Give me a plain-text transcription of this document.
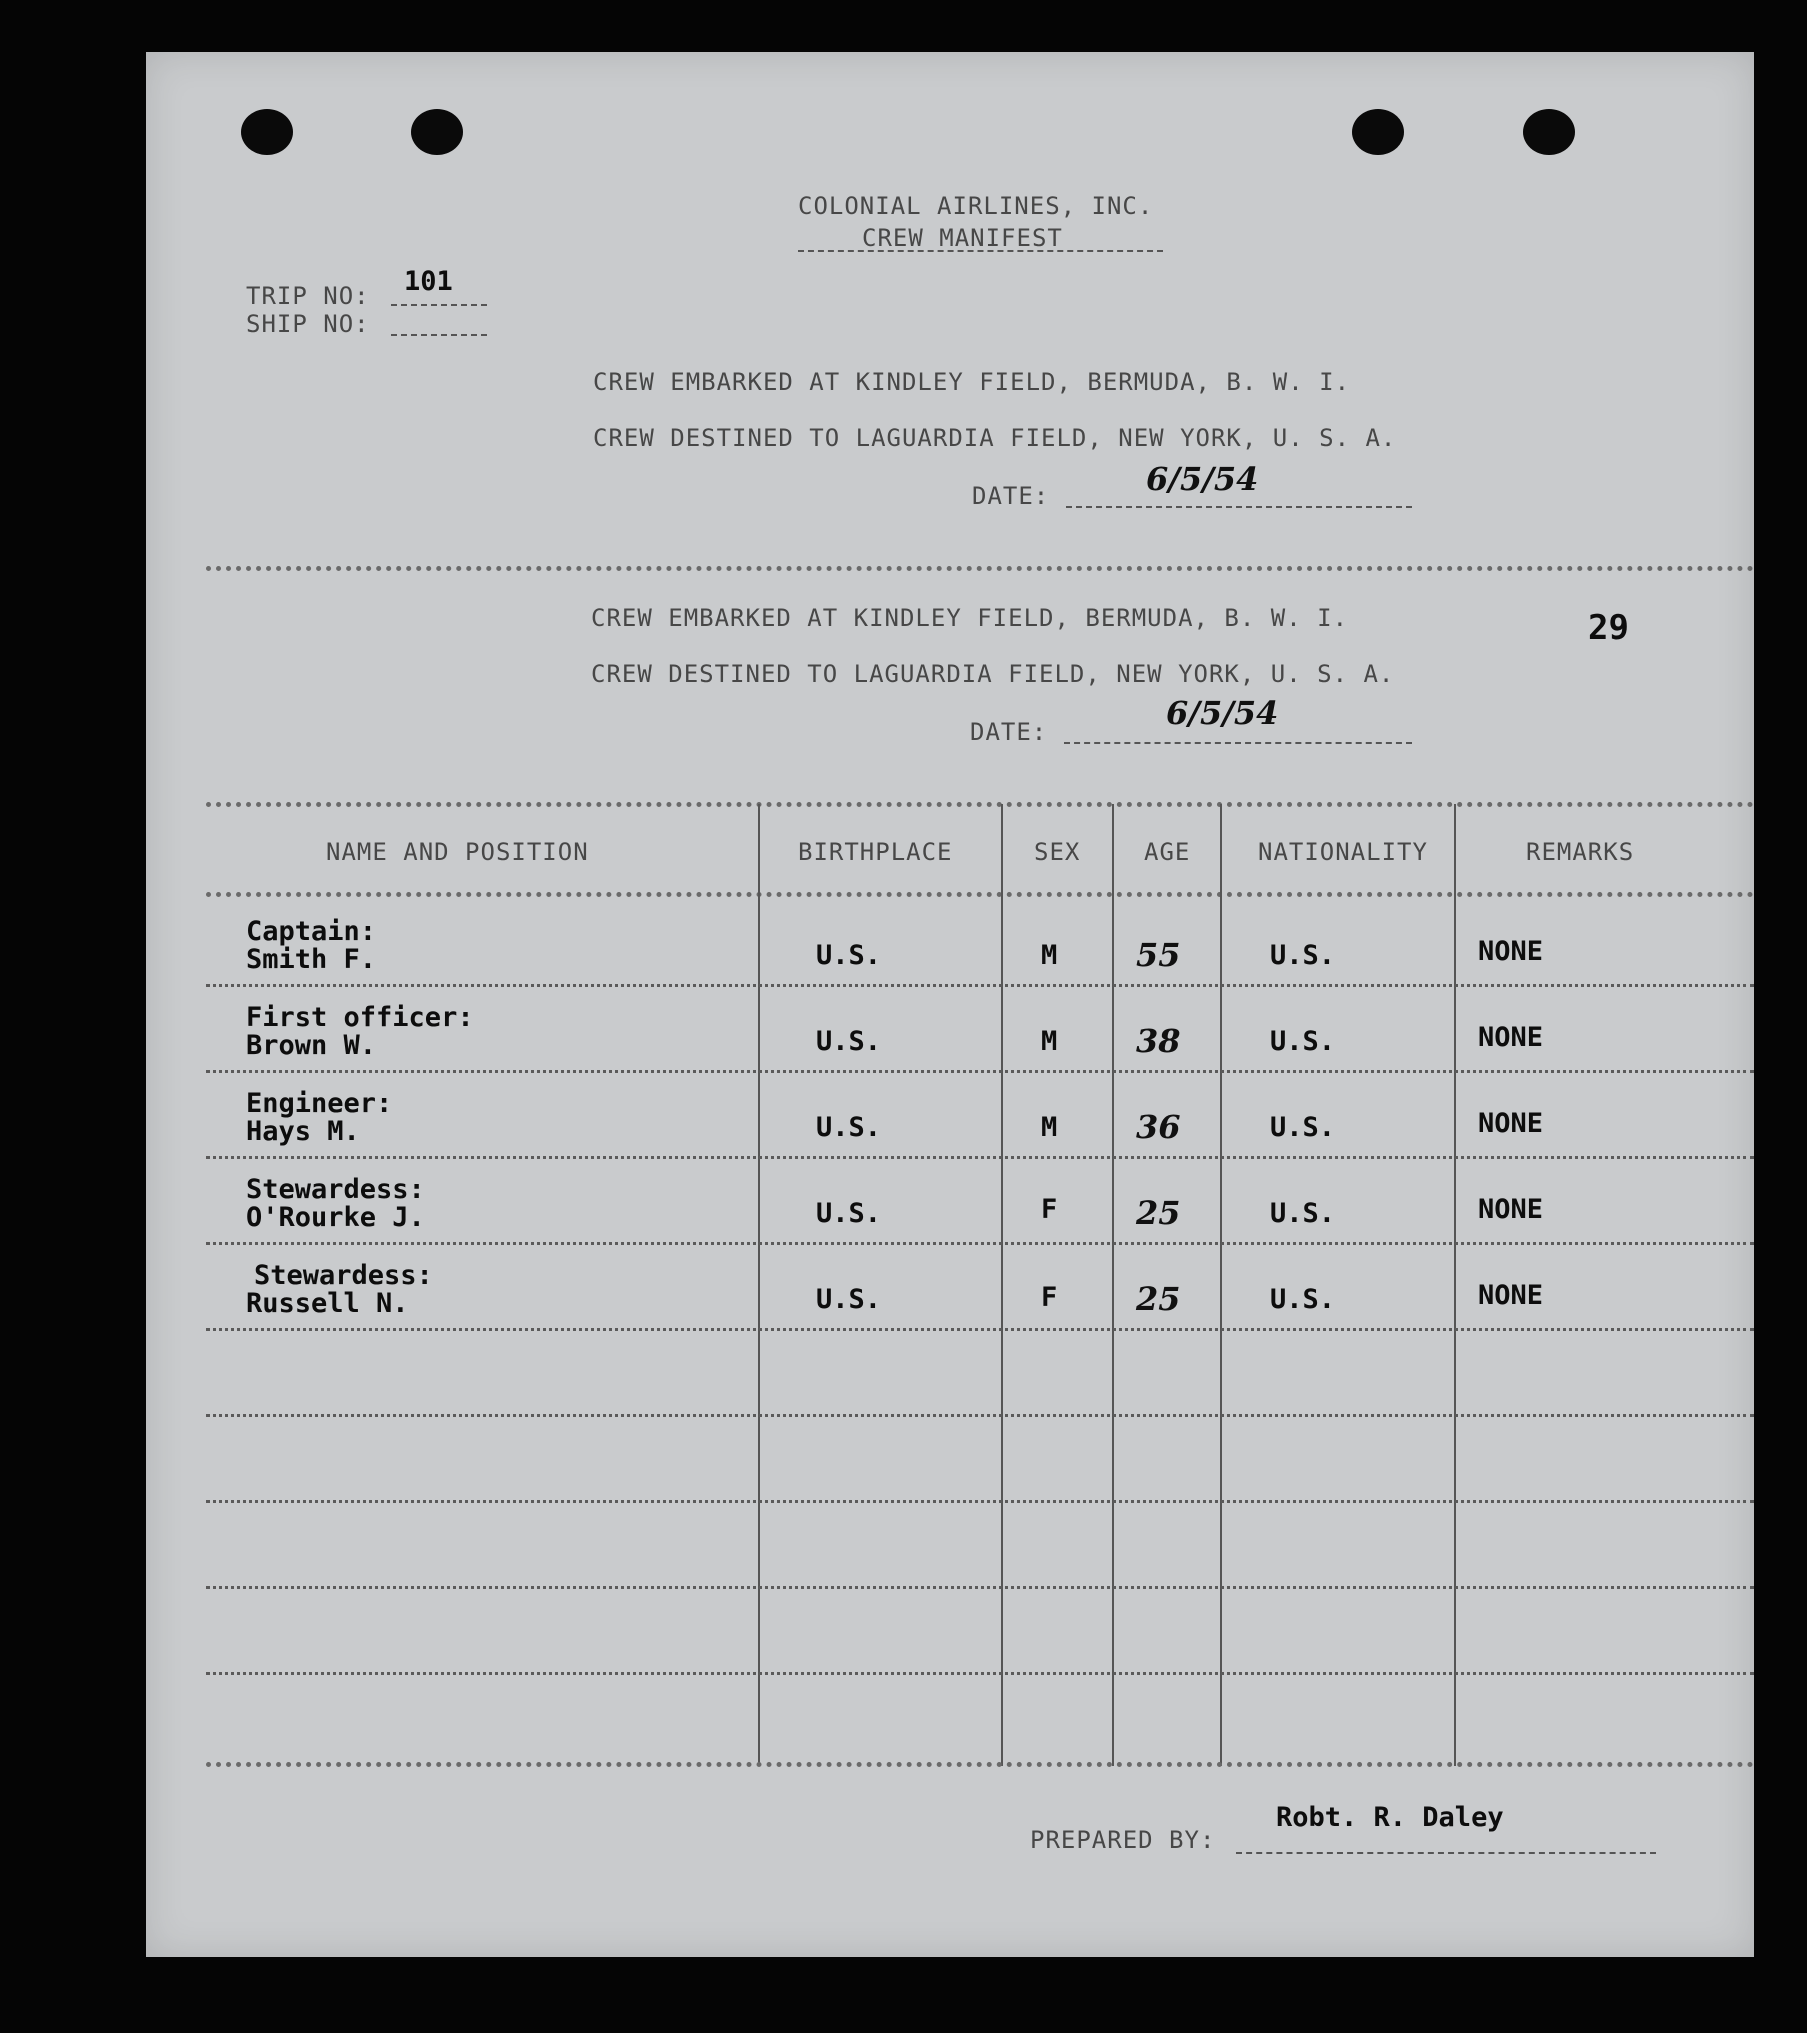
COLONIAL AIRLINES, INC.
CREW MANIFEST
TRIP NO: 101
SHIP NO:
CREW EMBARKED AT KINDLEY FIELD, BERMUDA, B. W. I.
CREW DESTINED TO LAGUARDIA FIELD, NEW YORK, U. S. A.
DATE:	6/5/54
CREW EMBARKED AT KINDLEY FIELD, BERMUDA, B. W. I.
CREW DESTINED TO LAGUARDIA FIELD, NEW YORK, U. S. A.
29
DATE:	6/5/54
NAME AND POSITION	BIRTHPLACE	SEX	AGE	NATIONALITY	REMARKS
Captain:
Smith F.	U.S.	M 55	U.S.	NONE
First officer:
Brown W.	U.S.	M 38	U.S.	NONE
Engineer:
Hays M.	U.S.	M 36	U.S.	NONE
Stewardess:
O'Rourke J.	U.S.	F 25	U.S.	NONE
Stewardess:
Russell N.	U.S.	F 25	U.S.	NONE
PREPARED BY:
Robt. R. Daley
